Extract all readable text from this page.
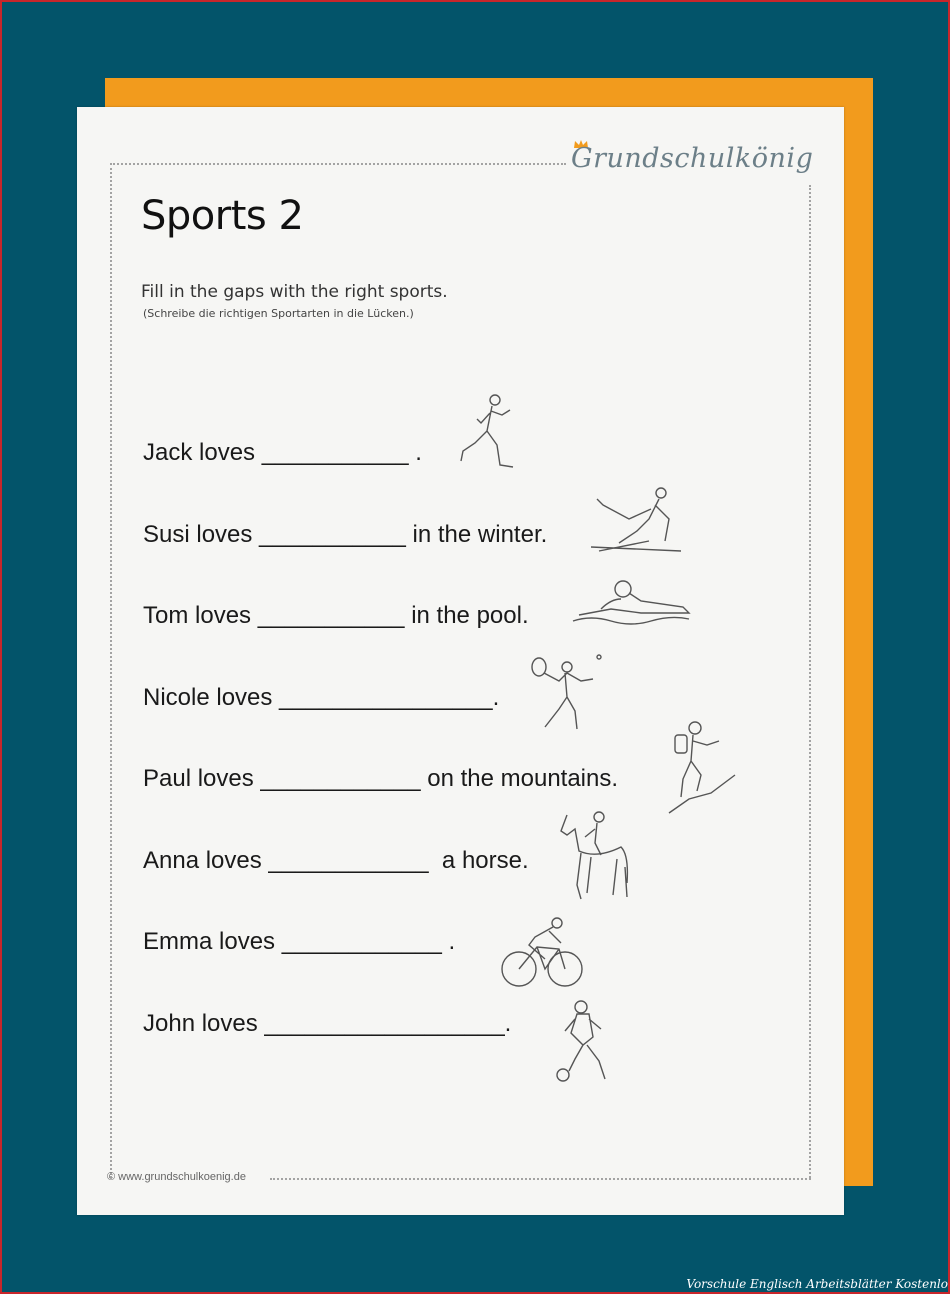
Grundschulkönig
Sports 2
Fill in the gaps with the right sports.
(Schreibe die richtigen Sportarten in die Lücken.)
Jack loves ___________ .
Susi loves ___________ in the winter.
Tom loves ___________ in the pool.
Nicole loves ________________.
Paul loves ____________ on the mountains.
Anna loves ____________  a horse.
Emma loves ____________ .
John loves __________________.
© www.grundschulkoenig.de
Vorschule Englisch Arbeitsblätter Kostenlo
